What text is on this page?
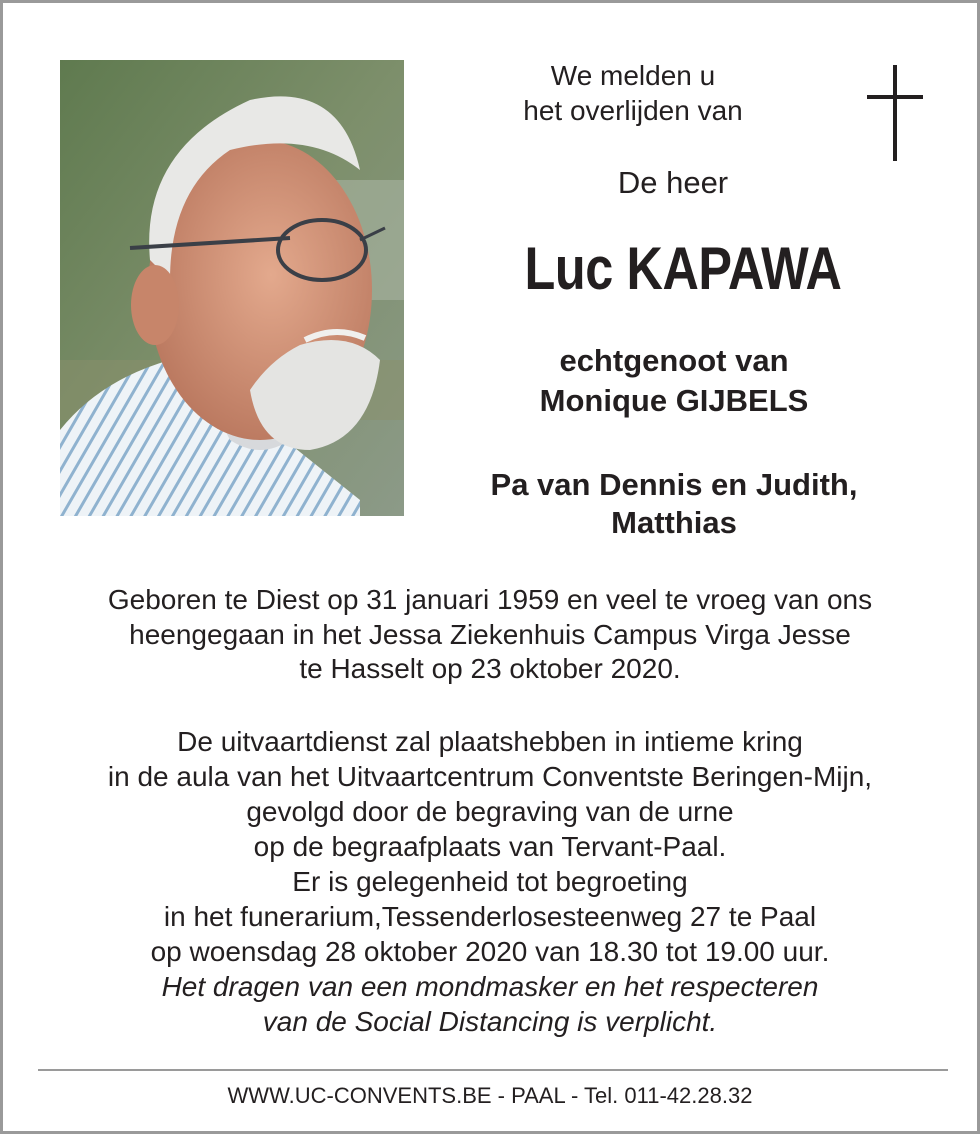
We melden u
het overlijden van
De heer
Luc KAPAWA
echtgenoot van
Monique GIJBELS
Pa van Dennis en Judith,
Matthias
Geboren te Diest op 31 januari 1959 en veel te vroeg van ons
heengegaan in het Jessa Ziekenhuis Campus Virga Jesse
te Hasselt op 23 oktober 2020.
De uitvaartdienst zal plaatshebben in intieme kring
in de aula van het Uitvaartcentrum Conventste Beringen-Mijn,
gevolgd door de begraving van de urne
op de begraafplaats van Tervant-Paal.
Er is gelegenheid tot begroeting
in het funerarium,Tessenderlosesteenweg 27 te Paal
op woensdag 28 oktober 2020 van 18.30 tot 19.00 uur.
Het dragen van een mondmasker en het respecteren
van de Social Distancing is verplicht.
WWW.UC-CONVENTS.BE - PAAL - Tel. 011-42.28.32
